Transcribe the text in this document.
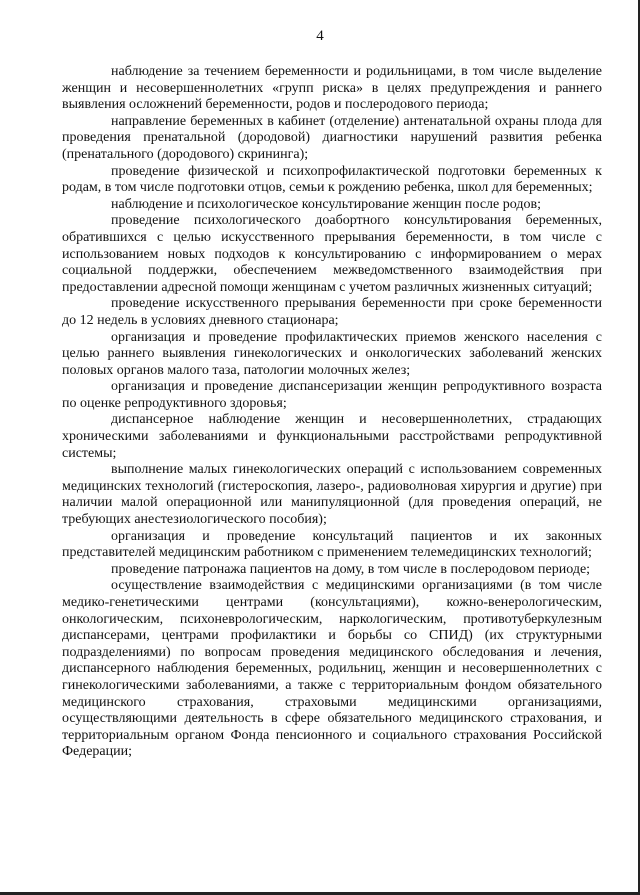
4

наблюдение за течением беременности и родильницами, в том числе выделение женщин и несовершеннолетних «групп риска» в целях предупреждения и раннего выявления осложнений беременности, родов и послеродового периода;

направление беременных в кабинет (отделение) антенатальной охраны плода для проведения пренатальной (дородовой) диагностики нарушений развития ребенка (пренатального (дородового) скрининга);

проведение физической и психопрофилактической подготовки беременных к родам, в том числе подготовки отцов, семьи к рождению ребенка, школ для беременных;

наблюдение и психологическое консультирование женщин после родов;

проведение психологического доабортного консультирования беременных, обратившихся с целью искусственного прерывания беременности, в том числе с использованием новых подходов к консультированию с информированием о мерах социальной поддержки, обеспечением межведомственного взаимодействия при предоставлении адресной помощи женщинам с учетом различных жизненных ситуаций;

проведение искусственного прерывания беременности при сроке беременности до 12 недель в условиях дневного стационара;

организация и проведение профилактических приемов женского населения с целью раннего выявления гинекологических и онкологических заболеваний женских половых органов малого таза, патологии молочных желез;

организация и проведение диспансеризации женщин репродуктивного возраста по оценке репродуктивного здоровья;

диспансерное наблюдение женщин и несовершеннолетних, страдающих хроническими заболеваниями и функциональными расстройствами репродуктивной системы;

выполнение малых гинекологических операций с использованием современных медицинских технологий (гистероскопия, лазеро-, радиоволновая хирургия и другие) при наличии малой операционной или манипуляционной (для проведения операций, не требующих анестезиологического пособия);

организация и проведение консультаций пациентов и их законных представителей медицинским работником с применением телемедицинских технологий;

проведение патронажа пациентов на дому, в том числе в послеродовом периоде;

осуществление взаимодействия с медицинскими организациями (в том числе медико-генетическими центрами (консультациями), кожно-венерологическим, онкологическим, психоневрологическим, наркологическим, противотуберкулезным диспансерами, центрами профилактики и борьбы со СПИД) (их структурными подразделениями) по вопросам проведения медицинского обследования и лечения, диспансерного наблюдения беременных, родильниц, женщин и несовершеннолетних с гинекологическими заболеваниями, а также с территориальным фондом обязательного медицинского страхования, страховыми медицинскими организациями, осуществляющими деятельность в сфере обязательного медицинского страхования, и территориальным органом Фонда пенсионного и социального страхования Российской Федерации;
